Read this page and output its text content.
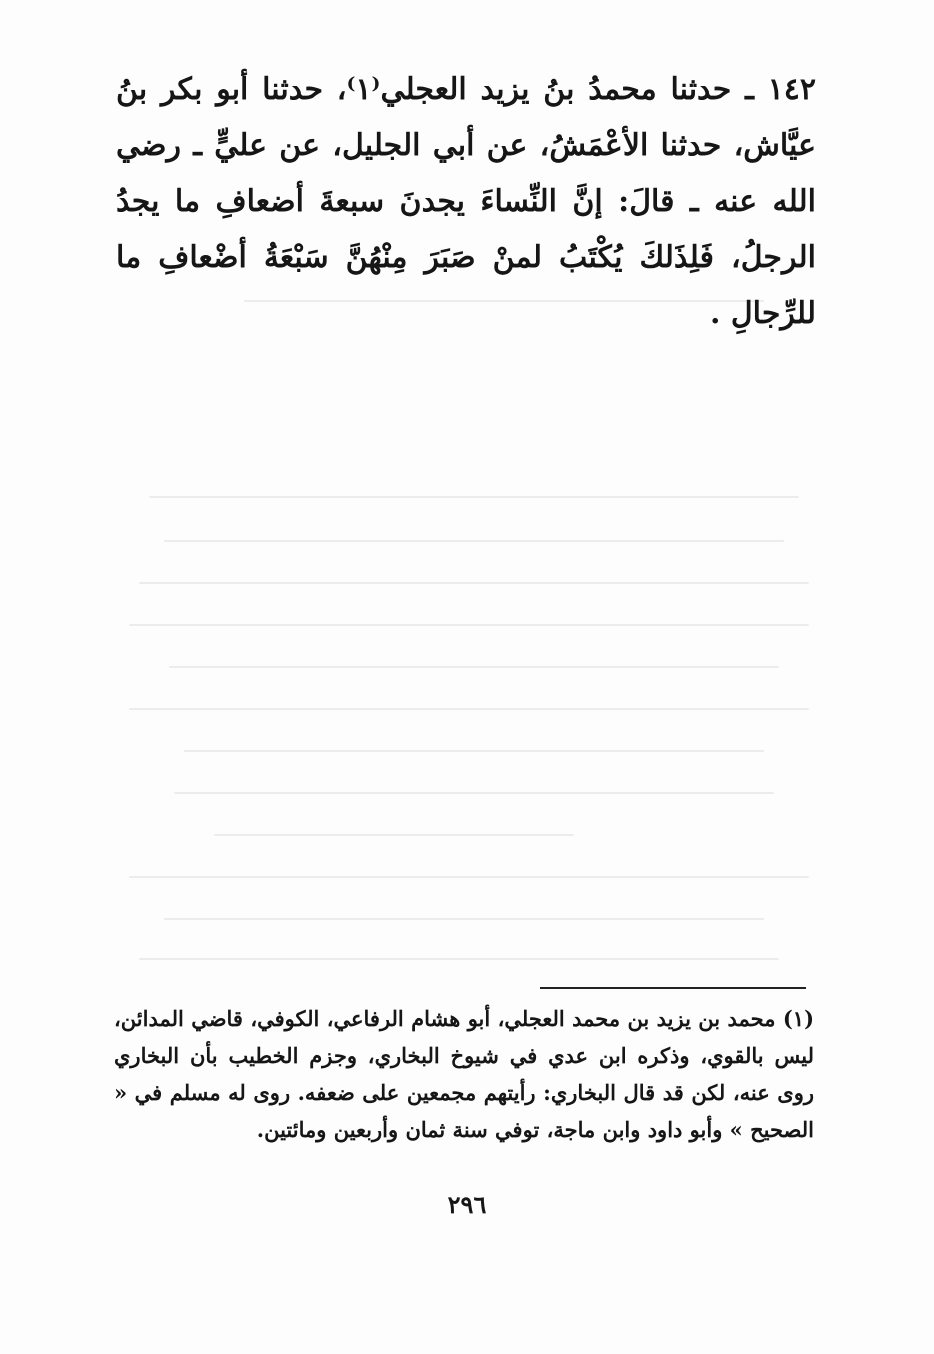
١٤٢ ـ حدثنا محمدُ بنُ يزيد العجلي⁽١⁾، حدثنا أبو بكر بنُ عيَّاش، حدثنا الأعْمَشُ، عن أبي الجليل، عن عليٍّ ـ رضي الله عنه ـ قالَ: إنَّ النِّساءَ يجدنَ سبعةَ أضعافِ ما يجدُ الرجلُ، فَلِذَلكَ يُكْتَبُ لمنْ صَبَرَ مِنْهُنَّ سَبْعَةُ أضْعافِ ما للرِّجالِ .

(١) محمد بن يزيد بن محمد العجلي، أبو هشام الرفاعي، الكوفي، قاضي المدائن، ليس بالقوي، وذكره ابن عدي في شيوخ البخاري، وجزم الخطيب بأن البخاري روى عنه، لكن قد قال البخاري: رأيتهم مجمعين على ضعفه. روى له مسلم في « الصحيح » وأبو داود وابن ماجة، توفي سنة ثمان وأربعين ومائتين.

٢٩٦
